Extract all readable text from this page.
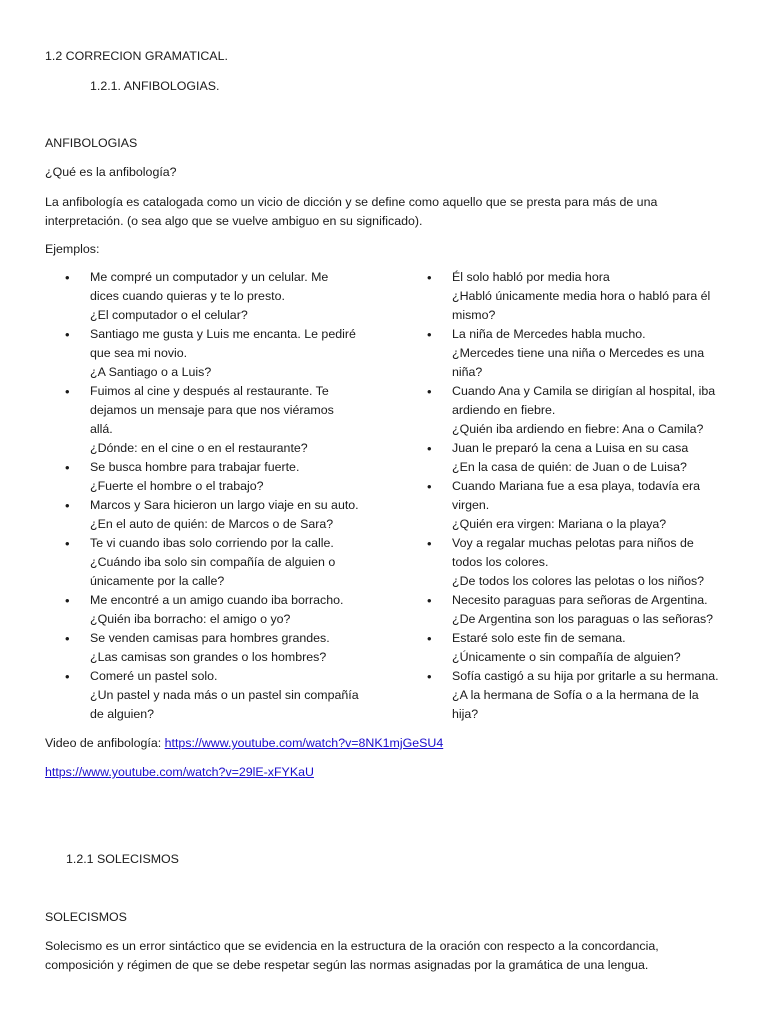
1.2 CORRECION GRAMATICAL.
1.2.1. ANFIBOLOGIAS.
ANFIBOLOGIAS
¿Qué es la anfibología?

La anfibología es catalogada como un vicio de dicción y se define como aquello que se presta para más de una

interpretación. (o sea algo que se vuelve ambiguo en su significado).

Ejemplos:
• Me compré un computador y un celular. Me
dices cuando quieras y te lo presto.
¿El computador o el celular?
• Santiago me gusta y Luis me encanta. Le pediré
que sea mi novio.
¿A Santiago o a Luis?
• Fuimos al cine y después al restaurante. Te
dejamos un mensaje para que nos viéramos
allá.
¿Dónde: en el cine o en el restaurante?
• Se busca hombre para trabajar fuerte.
¿Fuerte el hombre o el trabajo?
• Marcos y Sara hicieron un largo viaje en su auto.
¿En el auto de quién: de Marcos o de Sara?
• Te vi cuando ibas solo corriendo por la calle.
¿Cuándo iba solo sin compañía de alguien o
únicamente por la calle?
• Me encontré a un amigo cuando iba borracho.
¿Quién iba borracho: el amigo o yo?
• Se venden camisas para hombres grandes.
¿Las camisas son grandes o los hombres?
• Comeré un pastel solo.
¿Un pastel y nada más o un pastel sin compañía
de alguien?
• Él solo habló por media hora
¿Habló únicamente media hora o habló para él
mismo?
• La niña de Mercedes habla mucho.
¿Mercedes tiene una niña o Mercedes es una
niña?
• Cuando Ana y Camila se dirigían al hospital, iba
ardiendo en fiebre.
¿Quién iba ardiendo en fiebre: Ana o Camila?
• Juan le preparó la cena a Luisa en su casa
¿En la casa de quién: de Juan o de Luisa?
• Cuando Mariana fue a esa playa, todavía era
virgen.
¿Quién era virgen: Mariana o la playa?
• Voy a regalar muchas pelotas para niños de
todos los colores.
¿De todos los colores las pelotas o los niños?
• Necesito paraguas para señoras de Argentina.
¿De Argentina son los paraguas o las señoras?
• Estaré solo este fin de semana.
¿Únicamente o sin compañía de alguien?
• Sofía castigó a su hija por gritarle a su hermana.
¿A la hermana de Sofía o a la hermana de la
hija?
Video de anfibología: https://www.youtube.com/watch?v=8NK1mjGeSU4
https://www.youtube.com/watch?v=29lE-xFYKaU
1.2.1 SOLECISMOS
SOLECISMOS

Solecismo es un error sintáctico que se evidencia en la estructura de la oración con respecto a la concordancia,

composición y régimen de que se debe respetar según las normas asignadas por la gramática de una lengua.
